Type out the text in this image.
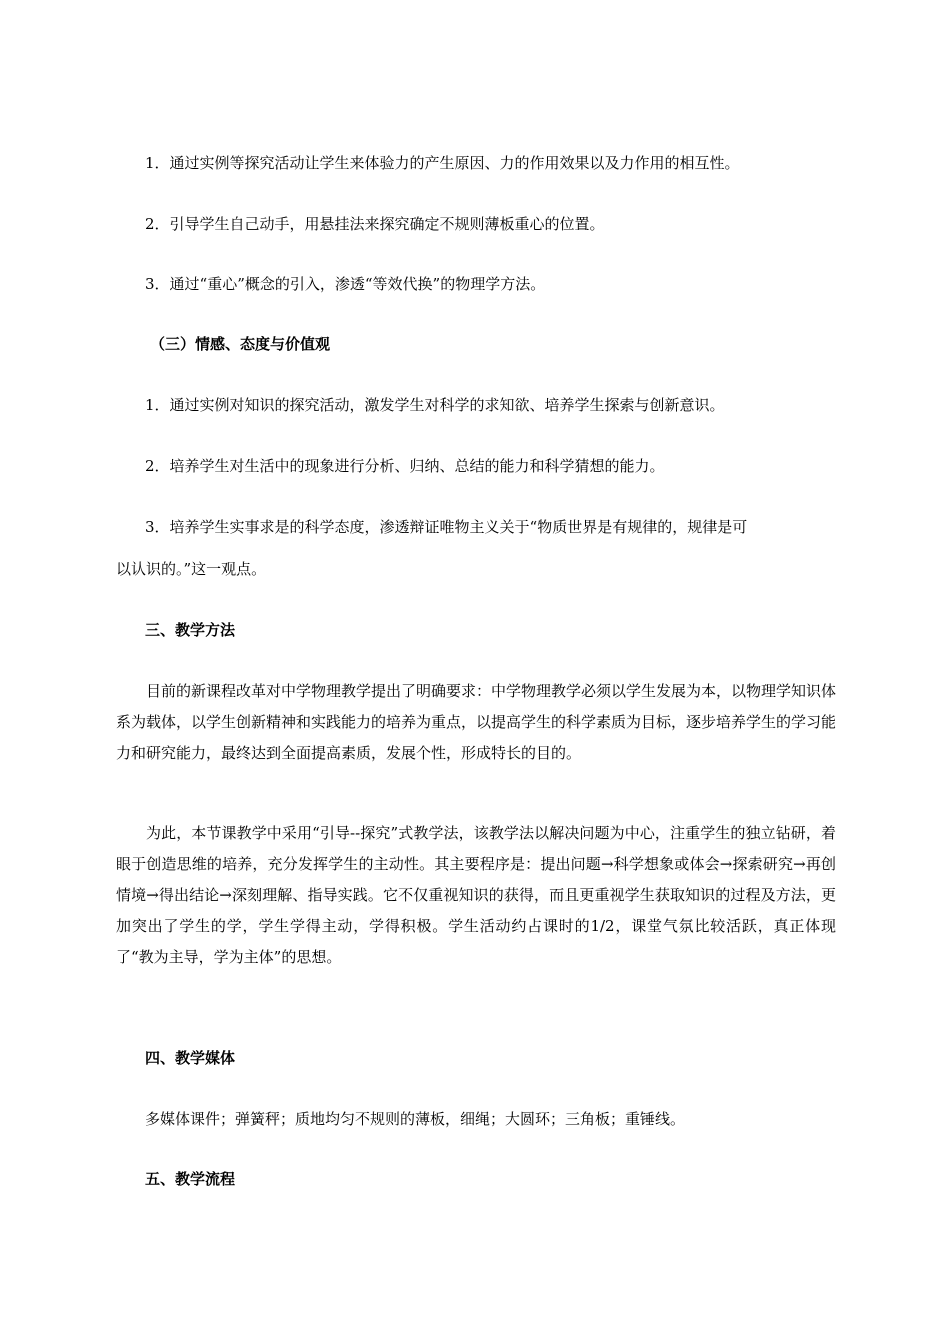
1．通过实例等探究活动让学生来体验力的产生原因、力的作用效果以及力作用的相互性。
2．引导学生自己动手，用悬挂法来探究确定不规则薄板重心的位置。
3．通过“重心”概念的引入，渗透“等效代换”的物理学方法。
（三）情感、态度与价值观
1．通过实例对知识的探究活动，激发学生对科学的求知欲、培养学生探索与创新意识。
2．培养学生对生活中的现象进行分析、归纳、总结的能力和科学猜想的能力。
3．培养学生实事求是的科学态度，渗透辩证唯物主义关于“物质世界是有规律的，规律是可
以认识的。”这一观点。
三、教学方法
目前的新课程改革对中学物理教学提出了明确要求：中学物理教学必须以学生发展为本，以物理学知识体系为载体，以学生创新精神和实践能力的培养为重点，以提高学生的科学素质为目标，逐步培养学生的学习能力和研究能力，最终达到全面提高素质，发展个性，形成特长的目的。
为此，本节课教学中采用“引导--探究”式教学法，该教学法以解决问题为中心，注重学生的独立钻研，着眼于创造思维的培养，充分发挥学生的主动性。其主要程序是：提出问题→科学想象或体会→探索研究→再创情境→得出结论→深刻理解、指导实践。它不仅重视知识的获得，而且更重视学生获取知识的过程及方法，更加突出了学生的学，学生学得主动，学得积极。学生活动约占课时的1/2，课堂气氛比较活跃，真正体现了“教为主导，学为主体”的思想。
四、教学媒体
多媒体课件；弹簧秤；质地均匀不规则的薄板，细绳；大圆环；三角板；重锤线。
五、教学流程
